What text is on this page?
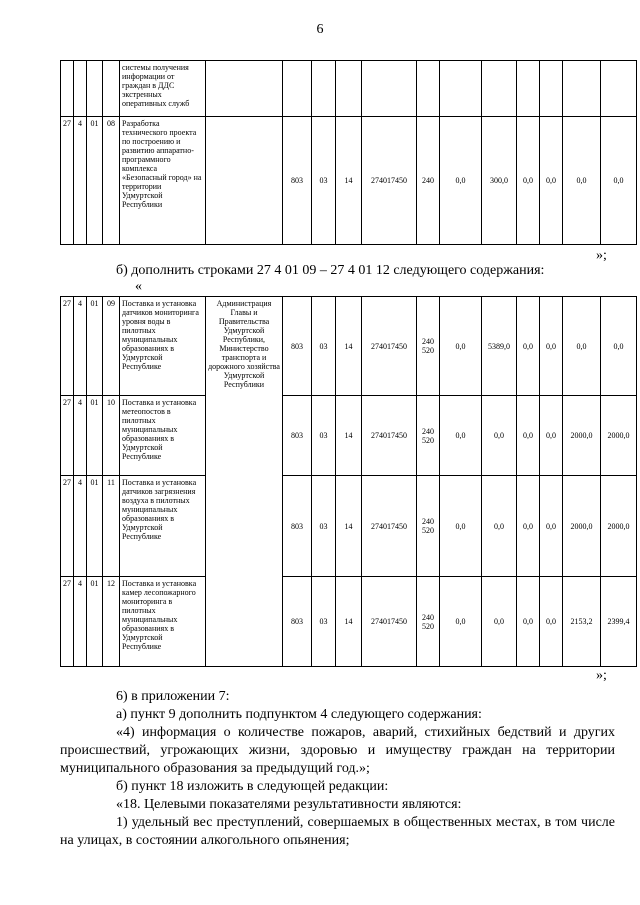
6
				системы получения информации от граждан в ДДС экстренных оперативных служб												
27	4	01	08	Разработка технического проекта по построению и развитию аппаратно-программного комплекса «Безопасный город» на территории Удмуртской Республики		803	03	14	274017450	240	0,0	300,0	0,0	0,0	0,0	0,0
»;
б) дополнить строками 27 4 01 09 – 27 4 01 12 следующего содержания:
«
27	4	01	09	Поставка и установка датчиков мониторинга уровня воды в пилотных муниципальных образованиях в Удмуртской Республике	Администрация Главы и Правительства Удмуртской Республики, Министерство транспорта и дорожного хозяйства Удмуртской Республики	803	03	14	274017450	240 520	0,0	5389,0	0,0	0,0	0,0	0,0
27	4	01	10	Поставка и установка метеопостов в пилотных муниципальных образованиях в Удмуртской Республике		803	03	14	274017450	240 520	0,0	0,0	0,0	0,0	2000,0	2000,0
27	4	01	11	Поставка и установка датчиков загрязнения воздуха в пилотных муниципальных образованиях в Удмуртской Республике		803	03	14	274017450	240 520	0,0	0,0	0,0	0,0	2000,0	2000,0
27	4	01	12	Поставка и установка камер лесопожарного мониторинга в пилотных муниципальных образованиях в Удмуртской Республике		803	03	14	274017450	240 520	0,0	0,0	0,0	0,0	2153,2	2399,4
»;
6) в приложении 7:
а) пункт 9 дополнить подпунктом 4 следующего содержания:
«4) информация о количестве пожаров, аварий, стихийных бедствий и других происшествий, угрожающих жизни, здоровью и имуществу граждан на территории муниципального образования за предыдущий год.»;
б) пункт 18 изложить в следующей редакции:
«18. Целевыми показателями результативности являются:
1) удельный вес преступлений, совершаемых в общественных местах, в том числе на улицах, в состоянии алкогольного опьянения;
